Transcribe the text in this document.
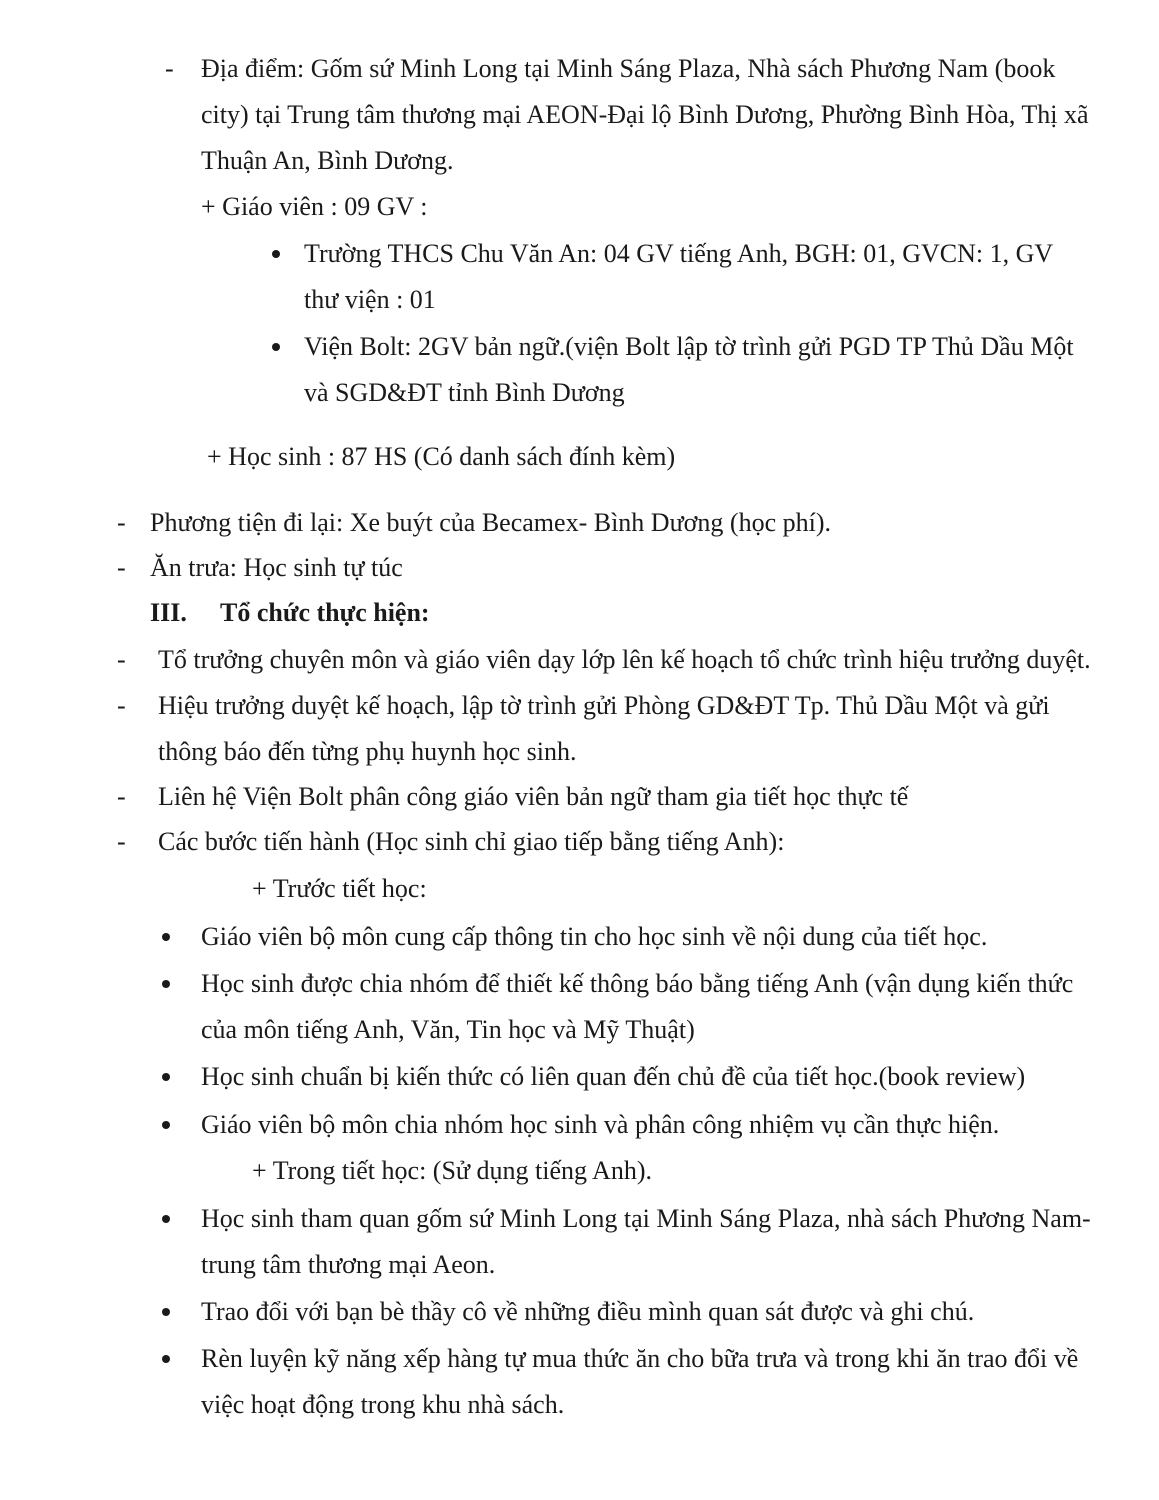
- Địa điểm: Gốm sứ Minh Long tại Minh Sáng Plaza, Nhà sách Phương Nam (book
city) tại Trung tâm thương mại AEON-Đại lộ Bình Dương, Phường Bình Hòa, Thị xã
Thuận An, Bình Dương.
+ Giáo viên : 09 GV :
Trường THCS Chu Văn An: 04 GV tiếng Anh, BGH: 01, GVCN: 1, GV
thư viện : 01
Viện Bolt: 2GV bản ngữ.(viện Bolt lập tờ trình gửi PGD TP Thủ Dầu Một
và SGD&ĐT tỉnh Bình Dương
+ Học sinh : 87 HS (Có danh sách đính kèm)
- Phương tiện đi lại: Xe buýt của Becamex- Bình Dương (học phí).
- Ăn trưa: Học sinh tự túc
III. Tổ chức thực hiện:
- Tổ trưởng chuyên môn và giáo viên dạy lớp lên kế hoạch tổ chức trình hiệu trưởng duyệt.
- Hiệu trưởng duyệt kế hoạch, lập tờ trình gửi Phòng GD&ĐT Tp. Thủ Dầu Một và gửi
thông báo đến từng phụ huynh học sinh.
- Liên hệ Viện Bolt phân công giáo viên bản ngữ tham gia tiết học thực tế
- Các bước tiến hành (Học sinh chỉ giao tiếp bằng tiếng Anh):
+ Trước tiết học:
Giáo viên bộ môn cung cấp thông tin cho học sinh về nội dung của tiết học.
Học sinh được chia nhóm để thiết kế thông báo bằng tiếng Anh (vận dụng kiến thức
của môn tiếng Anh, Văn, Tin học và Mỹ Thuật)
Học sinh chuẩn bị kiến thức có liên quan đến chủ đề của tiết học.(book review)
Giáo viên bộ môn chia nhóm học sinh và phân công nhiệm vụ cần thực hiện.
+ Trong tiết học: (Sử dụng tiếng Anh).
Học sinh tham quan gốm sứ Minh Long tại Minh Sáng Plaza, nhà sách Phương Nam-
trung tâm thương mại Aeon.
Trao đổi với bạn bè thầy cô về những điều mình quan sát được và ghi chú.
Rèn luyện kỹ năng xếp hàng tự mua thức ăn cho bữa trưa và trong khi ăn trao đổi về
việc hoạt động trong khu nhà sách.
